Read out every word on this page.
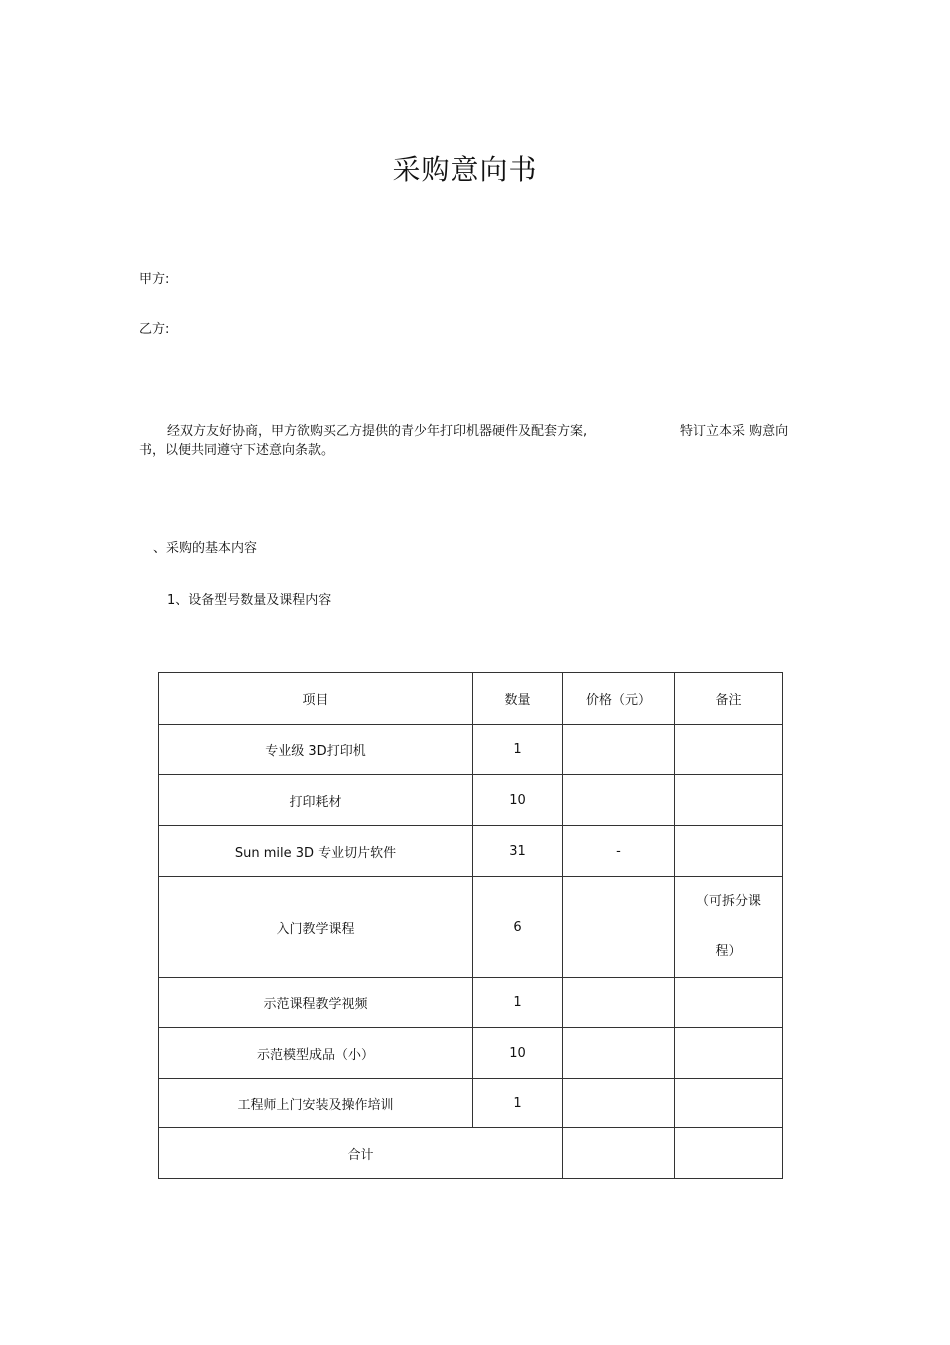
采购意向书
甲方:
乙方:
经双方友好协商，甲方欲购买乙方提供的青少年打印机器硬件及配套方案,	特订立本采 购意向
书，以便共同遵守下述意向条款。
、采购的基本内容
1、设备型号数量及课程内容
项目	数量	价格（元）	备注
专业级 3D打印机	1		
打印耗材	10		
Sun mile 3D 专业切片软件	31	-	
入门教学课程	6		（可拆分课
程）

示范课程教学视频	1		
示范模型成品（小）	10		
工程师上门安装及操作培训	1		
合计			
